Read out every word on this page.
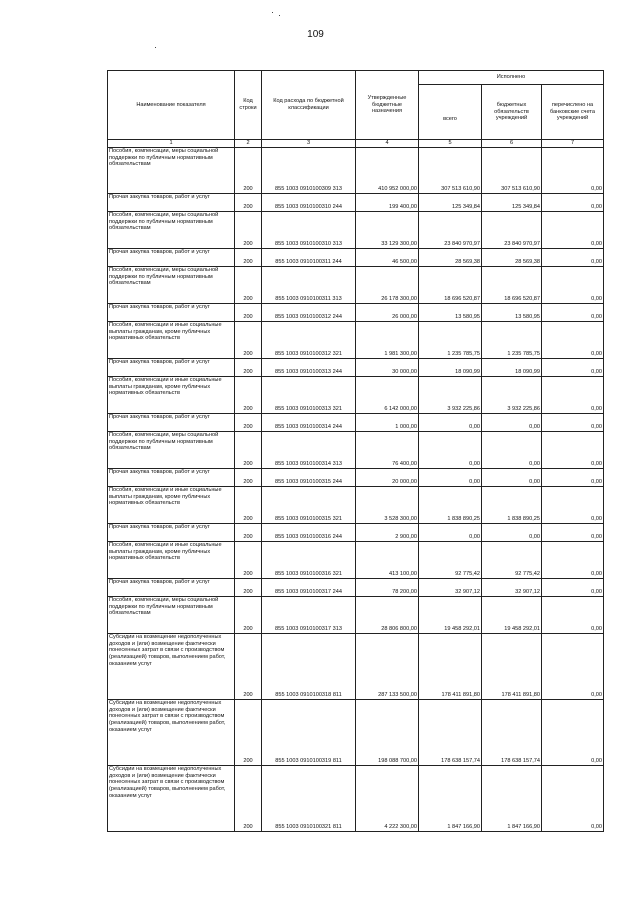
109
Наименование показателя	Код строки	Код расхода по бюджетной классификации	Утвержденные бюджетные назначения	Исполнено		
				всего	бюджетных обязательств учреждений	перечислено на банковские счета учреждений
1	2	3	4	5	6	7
Пособия, компенсации, меры социальной поддержки по публичным нормативным обязательствам	200	855 1003 0910100309 313	410 952 000,00	307 513 610,90	307 513 610,90	0,00
Прочая закупка товаров, работ и услуг	200	855 1003 0910100310 244	199 400,00	125 349,84	125 349,84	0,00
Пособия, компенсации, меры социальной поддержки по публичным нормативным обязательствам	200	855 1003 0910100310 313	33 129 300,00	23 840 970,97	23 840 970,97	0,00
Прочая закупка товаров, работ и услуг	200	855 1003 0910100311 244	46 500,00	28 569,38	28 569,38	0,00
Пособия, компенсации, меры социальной поддержки по публичным нормативным обязательствам	200	855 1003 0910100311 313	26 178 300,00	18 696 520,87	18 696 520,87	0,00
Прочая закупка товаров, работ и услуг	200	855 1003 0910100312 244	26 000,00	13 580,95	13 580,95	0,00
Пособия, компенсации и иные социальные выплаты гражданам, кроме публичных нормативных обязательств	200	855 1003 0910100312 321	1 981 300,00	1 235 785,75	1 235 785,75	0,00
Прочая закупка товаров, работ и услуг	200	855 1003 0910100313 244	30 000,00	18 090,99	18 090,99	0,00
Пособия, компенсации и иные социальные выплаты гражданам, кроме публичных нормативных обязательств	200	855 1003 0910100313 321	6 142 000,00	3 932 225,86	3 932 225,86	0,00
Прочая закупка товаров, работ и услуг	200	855 1003 0910100314 244	1 000,00	0,00	0,00	0,00
Пособия, компенсации, меры социальной поддержки по публичным нормативным обязательствам	200	855 1003 0910100314 313	76 400,00	0,00	0,00	0,00
Прочая закупка товаров, работ и услуг	200	855 1003 0910100315 244	20 000,00	0,00	0,00	0,00
Пособия, компенсации и иные социальные выплаты гражданам, кроме публичных нормативных обязательств	200	855 1003 0910100315 321	3 528 300,00	1 838 890,25	1 838 890,25	0,00
Прочая закупка товаров, работ и услуг	200	855 1003 0910100316 244	2 900,00	0,00	0,00	0,00
Пособия, компенсации и иные социальные выплаты гражданам, кроме публичных нормативных обязательств	200	855 1003 0910100316 321	413 100,00	92 775,42	92 775,42	0,00
Прочая закупка товаров, работ и услуг	200	855 1003 0910100317 244	78 200,00	32 907,12	32 907,12	0,00
Пособия, компенсации, меры социальной поддержки по публичным нормативным обязательствам	200	855 1003 0910100317 313	28 806 800,00	19 458 292,01	19 458 292,01	0,00
Субсидии на возмещение недополученных доходов и (или) возмещение фактически понесенных затрат в связи с производством (реализацией) товаров, выполнением работ, оказанием услуг	200	855 1003 0910100318 811	287 133 500,00	178 411 891,80	178 411 891,80	0,00
Субсидии на возмещение недополученных доходов и (или) возмещение фактически понесенных затрат в связи с производством (реализацией) товаров, выполнением работ, оказанием услуг	200	855 1003 0910100319 811	198 088 700,00	178 638 157,74	178 638 157,74	0,00
Субсидии на возмещение недополученных доходов и (или) возмещение фактически понесенных затрат в связи с производством (реализацией) товаров, выполнением работ, оказанием услуг	200	855 1003 0910100321 811	4 222 300,00	1 847 166,90	1 847 166,90	0,00
